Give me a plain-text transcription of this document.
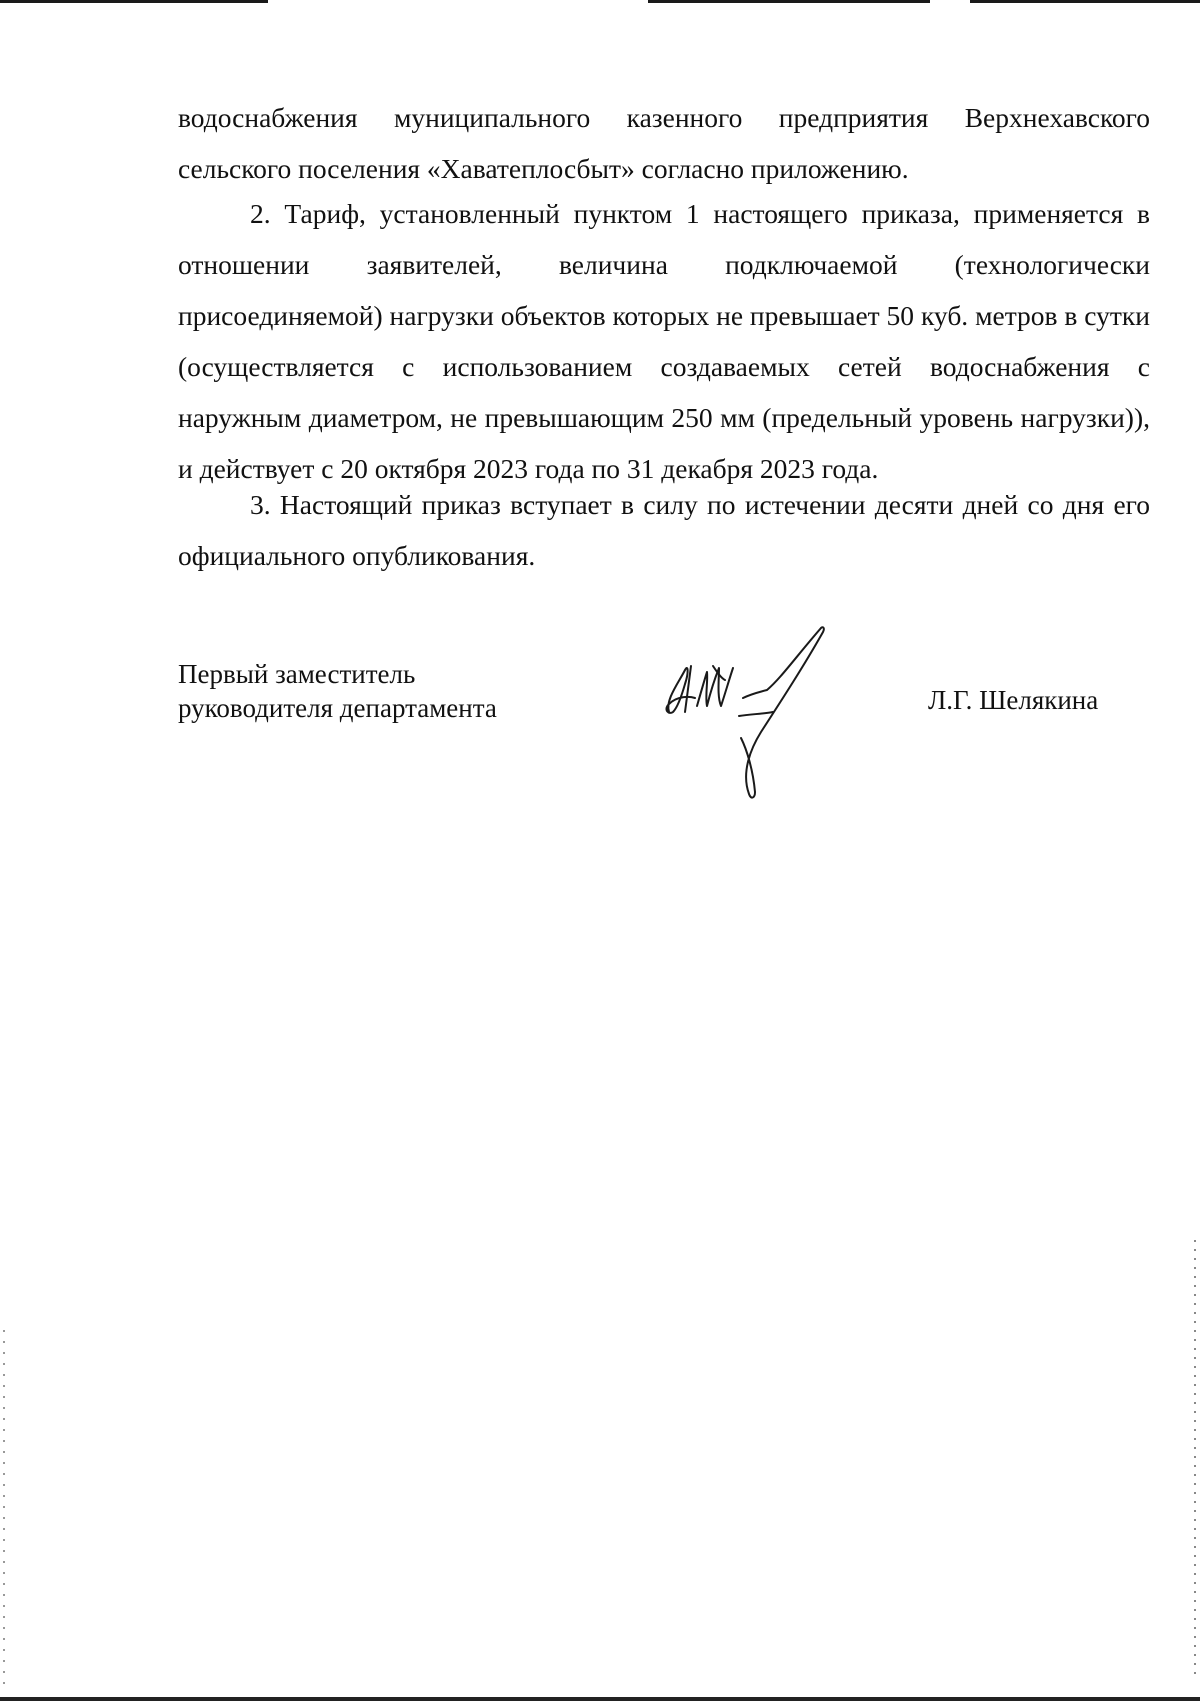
водоснабжения муниципального казенного предприятия Верхнехавского сельского поселения «Хаватеплосбыт» согласно приложению.

2. Тариф, установленный пунктом 1 настоящего приказа, применяется в отношении заявителей, величина подключаемой (технологически присоединяемой) нагрузки объектов которых не превышает 50 куб. метров в сутки (осуществляется с использованием создаваемых сетей водоснабжения с наружным диаметром, не превышающим 250 мм (предельный уровень нагрузки)), и действует с 20 октября 2023 года по 31 декабря 2023 года.

3. Настоящий приказ вступает в силу по истечении десяти дней со дня его официального опубликования.

Первый заместитель
руководителя департамента	Л.Г. Шелякина
